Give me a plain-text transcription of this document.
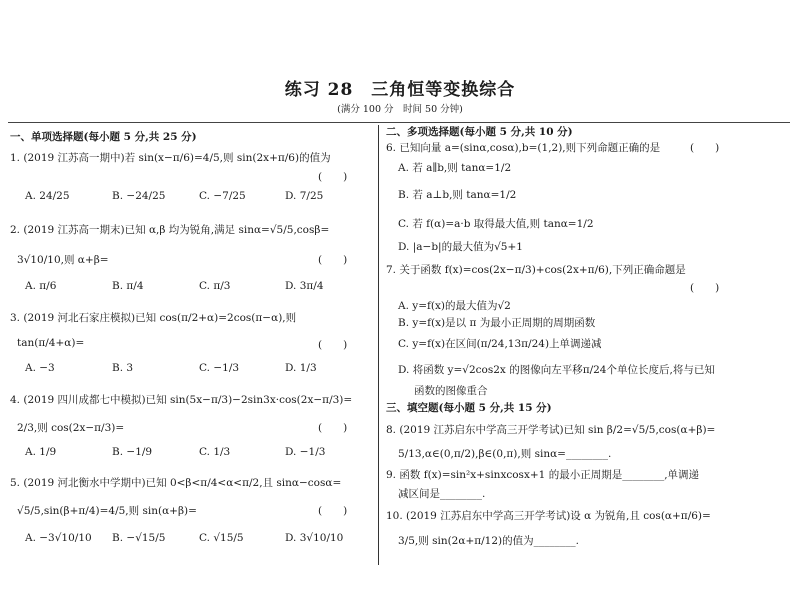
练习 28　三角恒等变换综合
(满分 100 分　时间 50 分钟)
一、单项选择题(每小题 5 分,共 25 分)
1. (2019 江苏高一期中)若 sin(x−π/6)=4/5,则 sin(2x+π/6)的值为
(　　)
A. 24/25	B. −24/25	C. −7/25	D. 7/25
2. (2019 江苏高一期末)已知 α,β 均为锐角,满足 sinα=√5/5,cosβ=
3√10/10,则 α+β=	(　　)
A. π/6	B. π/4	C. π/3	D. 3π/4
3. (2019 河北石家庄模拟)已知 cos(π/2+α)=2cos(π−α),则
tan(π/4+α)=	(　　)
A. −3	B. 3	C. −1/3	D. 1/3
4. (2019 四川成都七中模拟)已知 sin(5x−π/3)−2sin3x·cos(2x−π/3)=
2/3,则 cos(2x−π/3)=	(　　)
A. 1/9	B. −1/9	C. 1/3	D. −1/3
5. (2019 河北衡水中学期中)已知 0<β<π/4<α<π/2,且 sinα−cosα=
√5/5,sin(β+π/4)=4/5,则 sin(α+β)=	(　　)
A. −3√10/10 B. −√15/5	C. √15/5	D. 3√10/10
二、多项选择题(每小题 5 分,共 10 分)
6. 已知向量 a=(sinα,cosα),b=(1,2),则下列命题正确的是	(　　)
A. 若 a∥b,则 tanα=1/2
B. 若 a⊥b,则 tanα=1/2
C. 若 f(α)=a·b 取得最大值,则 tanα=1/2
D. |a−b|的最大值为√5+1
7. 关于函数 f(x)=cos(2x−π/3)+cos(2x+π/6),下列正确命题是
(　　)
A. y=f(x)的最大值为√2
B. y=f(x)是以 π 为最小正周期的周期函数
C. y=f(x)在区间(π/24,13π/24)上单调递减
D. 将函数 y=√2cos2x 的图像向左平移π/24个单位长度后,将与已知
函数的图像重合
三、填空题(每小题 5 分,共 15 分)
8. (2019 江苏启东中学高三开学考试)已知 sin β/2=√5/5,cos(α+β)=
5/13,α∈(0,π/2),β∈(0,π),则 sinα=________.
9. 函数 f(x)=sin²x+sinxcosx+1 的最小正周期是________,单调递
减区间是________.
10. (2019 江苏启东中学高三开学考试)设 α 为锐角,且 cos(α+π/6)=
3/5,则 sin(2α+π/12)的值为________.
